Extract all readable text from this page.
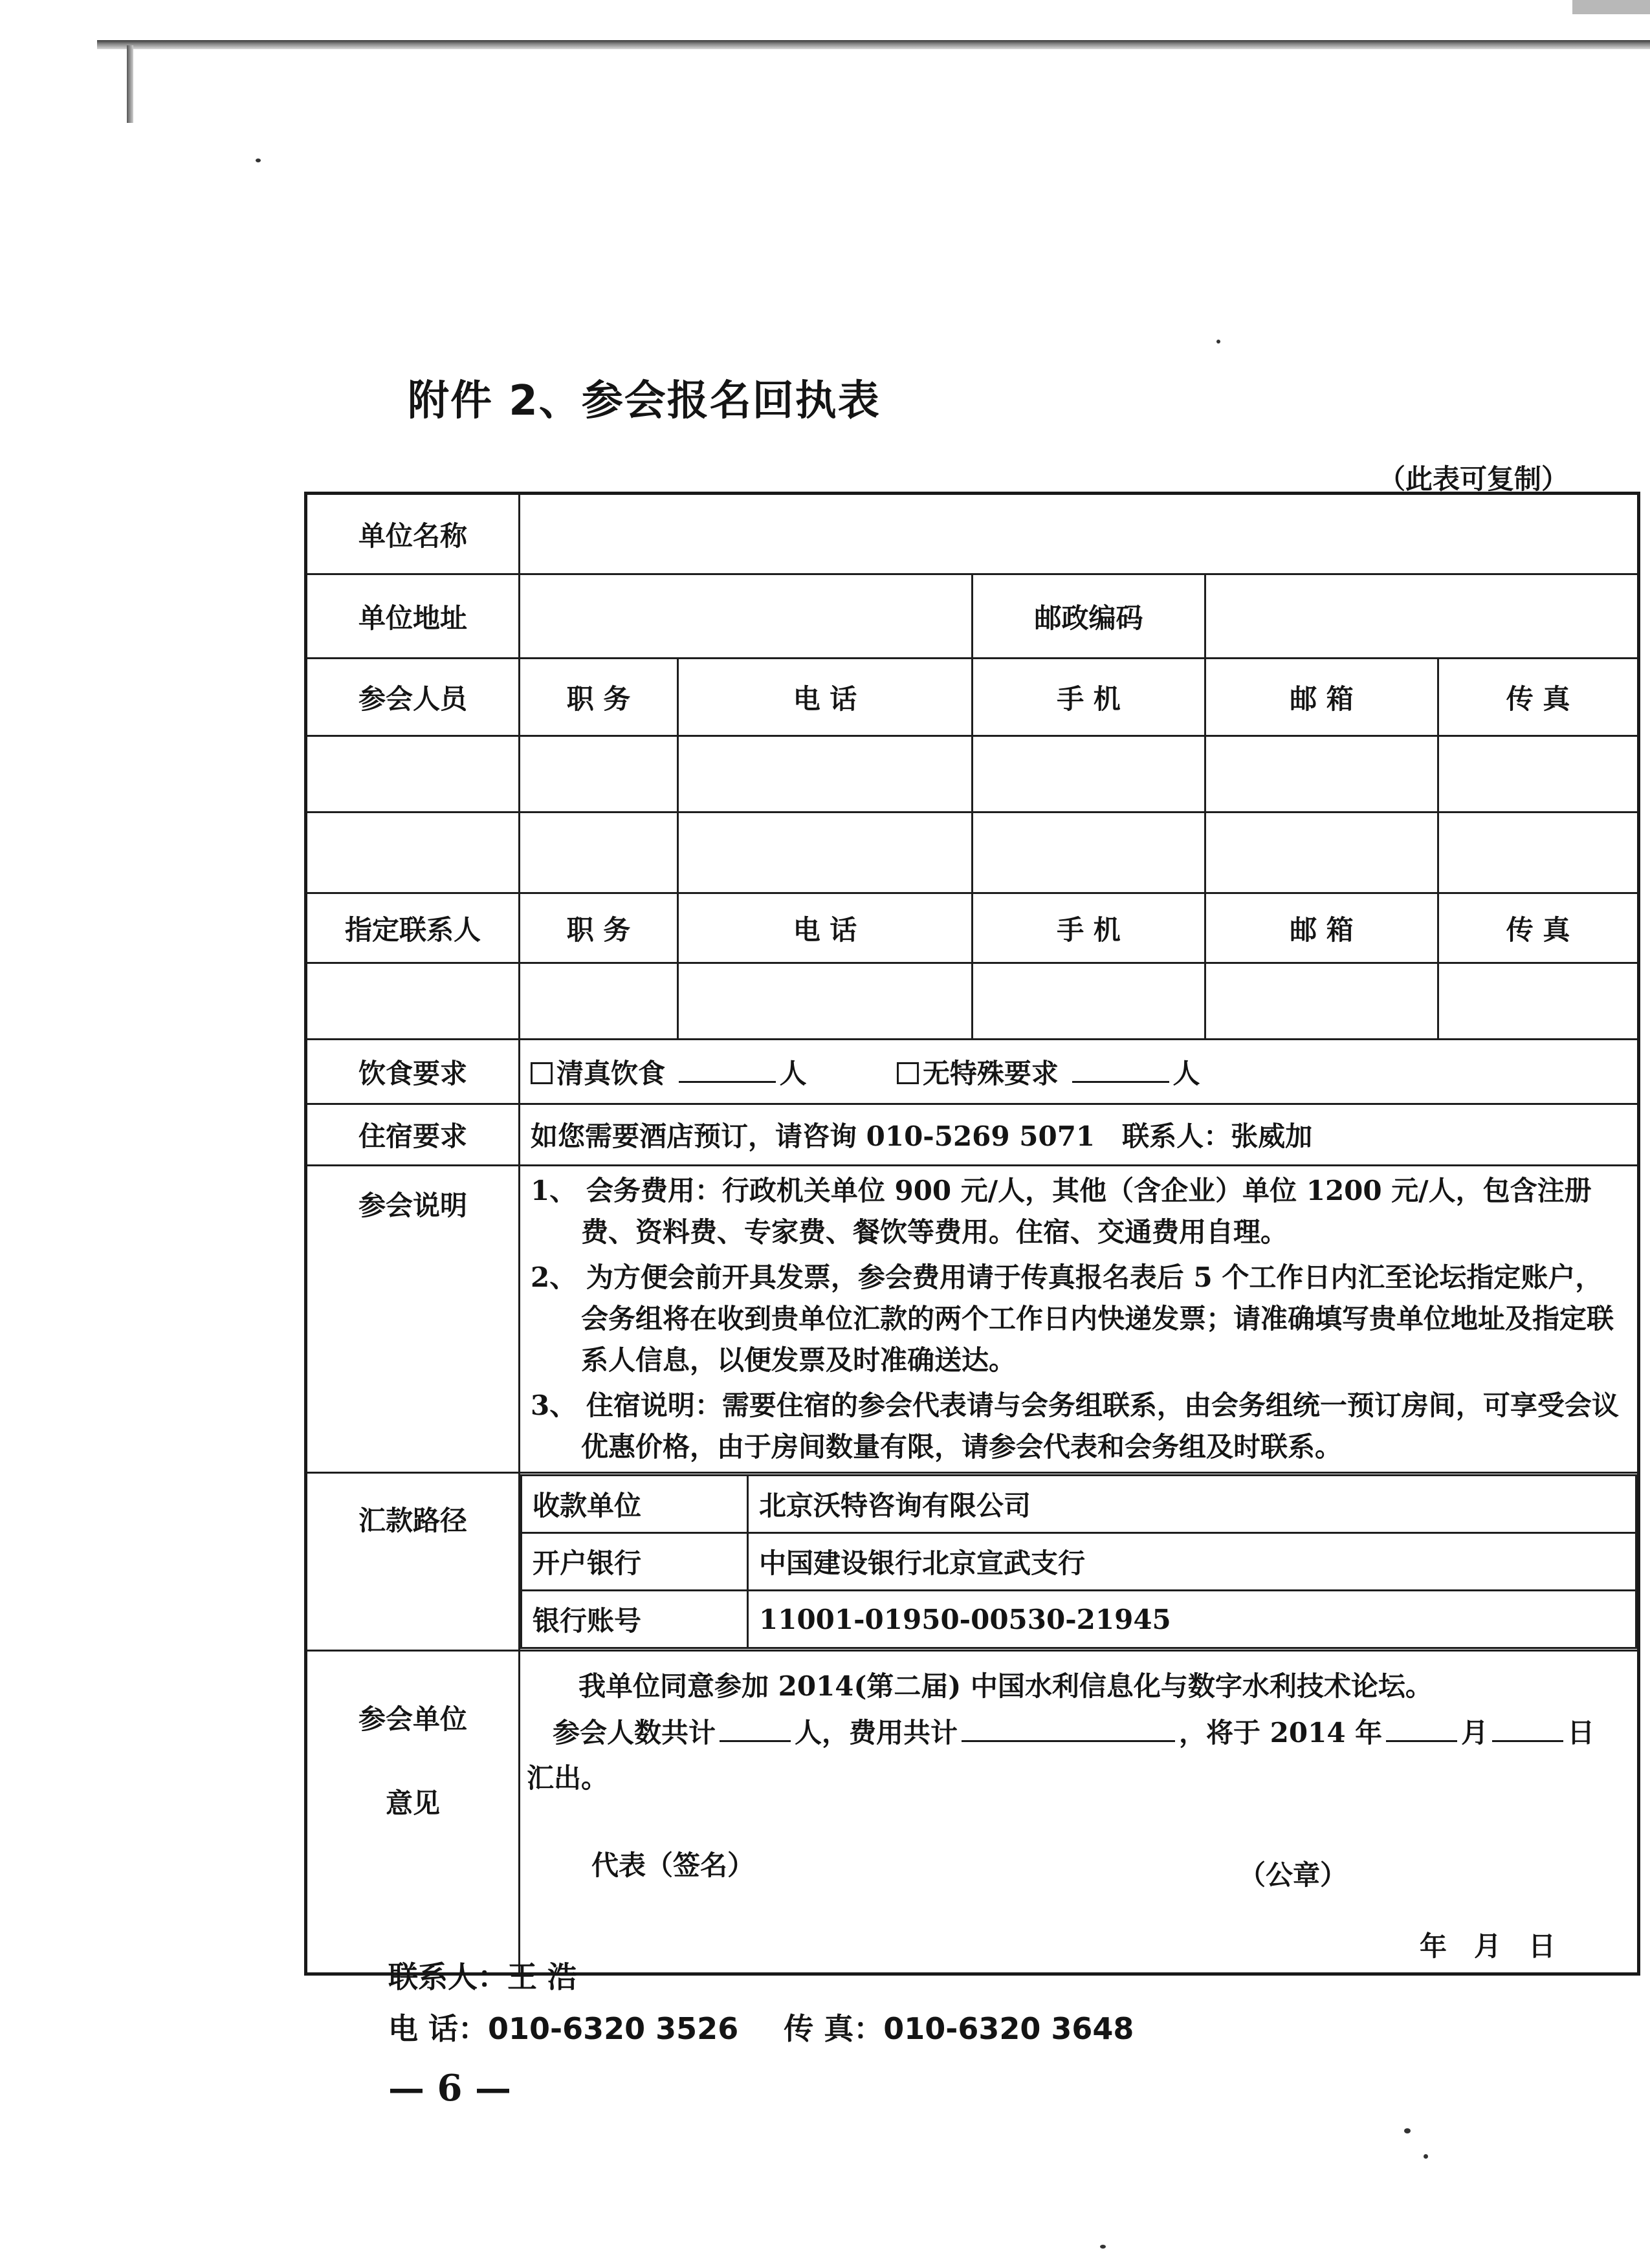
附件 2、参会报名回执表
（此表可复制）
单位名称	
单位地址		邮政编码	
参会人员	职 务	电 话	手 机	邮 箱	传 真

指定联系人	职 务	电 话	手 机	邮 箱	传 真

饮食要求	清真饮食	人	无特殊要求	人
住宿要求	如您需要酒店预订，请咨询 010-5269 5071　联系人：张威加
参会说明	1、 会务费用：行政机关单位 900 元/人，其他（含企业）单位 1200 元/人，包含注册费、资料费、专家费、餐饮等费用。住宿、交通费用自理。

2、 为方便会前开具发票，参会费用请于传真报名表后 5 个工作日内汇至论坛指定账户，会务组将在收到贵单位汇款的两个工作日内快递发票；请准确填写贵单位地址及指定联系人信息，以便发票及时准确送达。

3、 住宿说明：需要住宿的参会代表请与会务组联系，由会务组统一预订房间，可享受会议优惠价格，由于房间数量有限，请参会代表和会务组及时联系。

汇款路径	收款单位	北京沃特咨询有限公司
开户银行	中国建设银行北京宣武支行
银行账号	11001-01950-00530-21945

参会单位
意见

我单位同意参加 2014(第二届) 中国水利信息化与数字水利技术论坛。
参会人数共计	人，费用共计	，将于 2014 年	月	日
汇出。
代表（签名）	（公章）
年　月　日
联系人：王 浩
电 话：010-6320 3526 传 真：010-6320 3648
— 6 —
